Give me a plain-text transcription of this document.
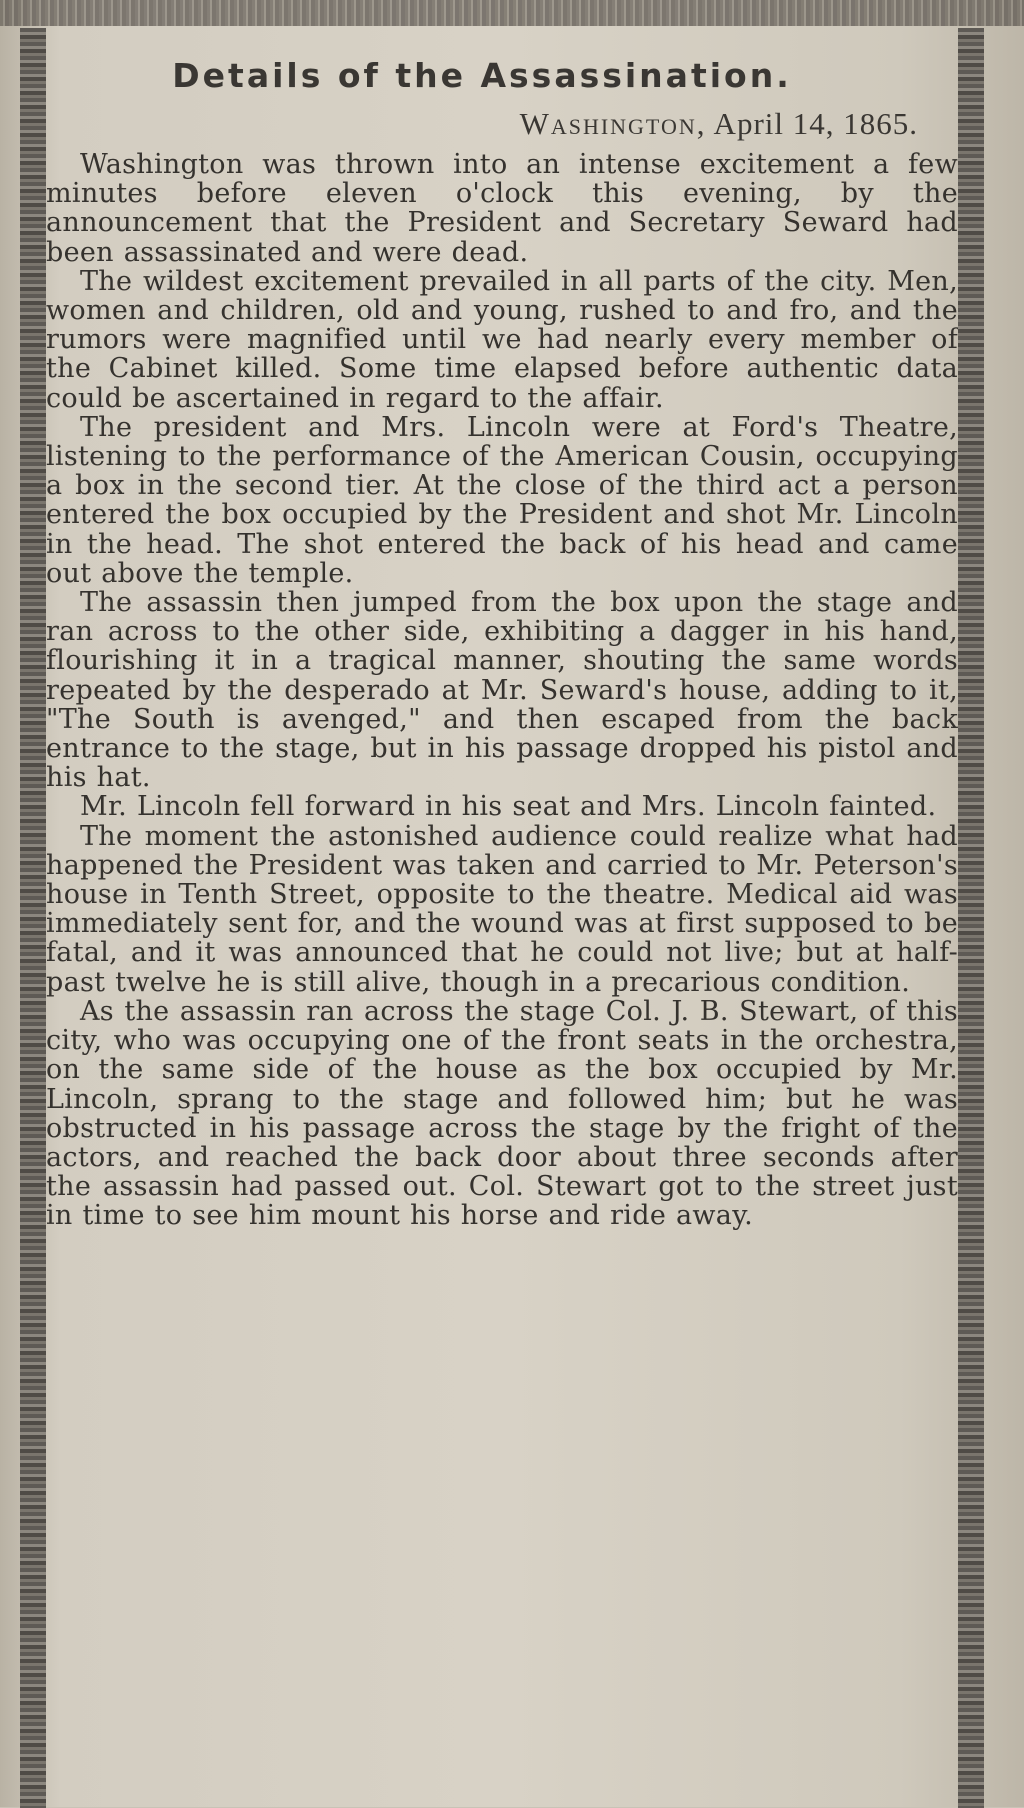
Details of the Assassination.
Washington, April 14, 1865.

Washington was thrown into an intense excitement a few minutes before eleven o'clock this evening, by the announcement that the President and Secretary Seward had been assassinated and were dead.

The wildest excitement prevailed in all parts of the city. Men, women and children, old and young, rushed to and fro, and the rumors were magnified until we had nearly every member of the Cabinet killed. Some time elapsed before authentic data could be ascertained in regard to the affair.

The president and Mrs. Lincoln were at Ford's Theatre, listening to the performance of the American Cousin, occupying a box in the second tier. At the close of the third act a person entered the box occupied by the President and shot Mr. Lincoln in the head. The shot entered the back of his head and came out above the temple.

The assassin then jumped from the box upon the stage and ran across to the other side, exhibiting a dagger in his hand, flourishing it in a tragical manner, shouting the same words repeated by the desperado at Mr. Seward's house, adding to it, "The South is avenged," and then escaped from the back entrance to the stage, but in his passage dropped his pistol and his hat.

Mr. Lincoln fell forward in his seat and Mrs. Lincoln fainted.

The moment the astonished audience could realize what had happened the President was taken and carried to Mr. Peterson's house in Tenth Street, opposite to the theatre. Medical aid was immediately sent for, and the wound was at first supposed to be fatal, and it was announced that he could not live; but at half-past twelve he is still alive, though in a precarious condition.

As the assassin ran across the stage Col. J. B. Stewart, of this city, who was occupying one of the front seats in the orchestra, on the same side of the house as the box occupied by Mr. Lincoln, sprang to the stage and followed him; but he was obstructed in his passage across the stage by the fright of the actors, and reached the back door about three seconds after the assassin had passed out. Col. Stewart got to the street just in time to see him mount his horse and ride away.
